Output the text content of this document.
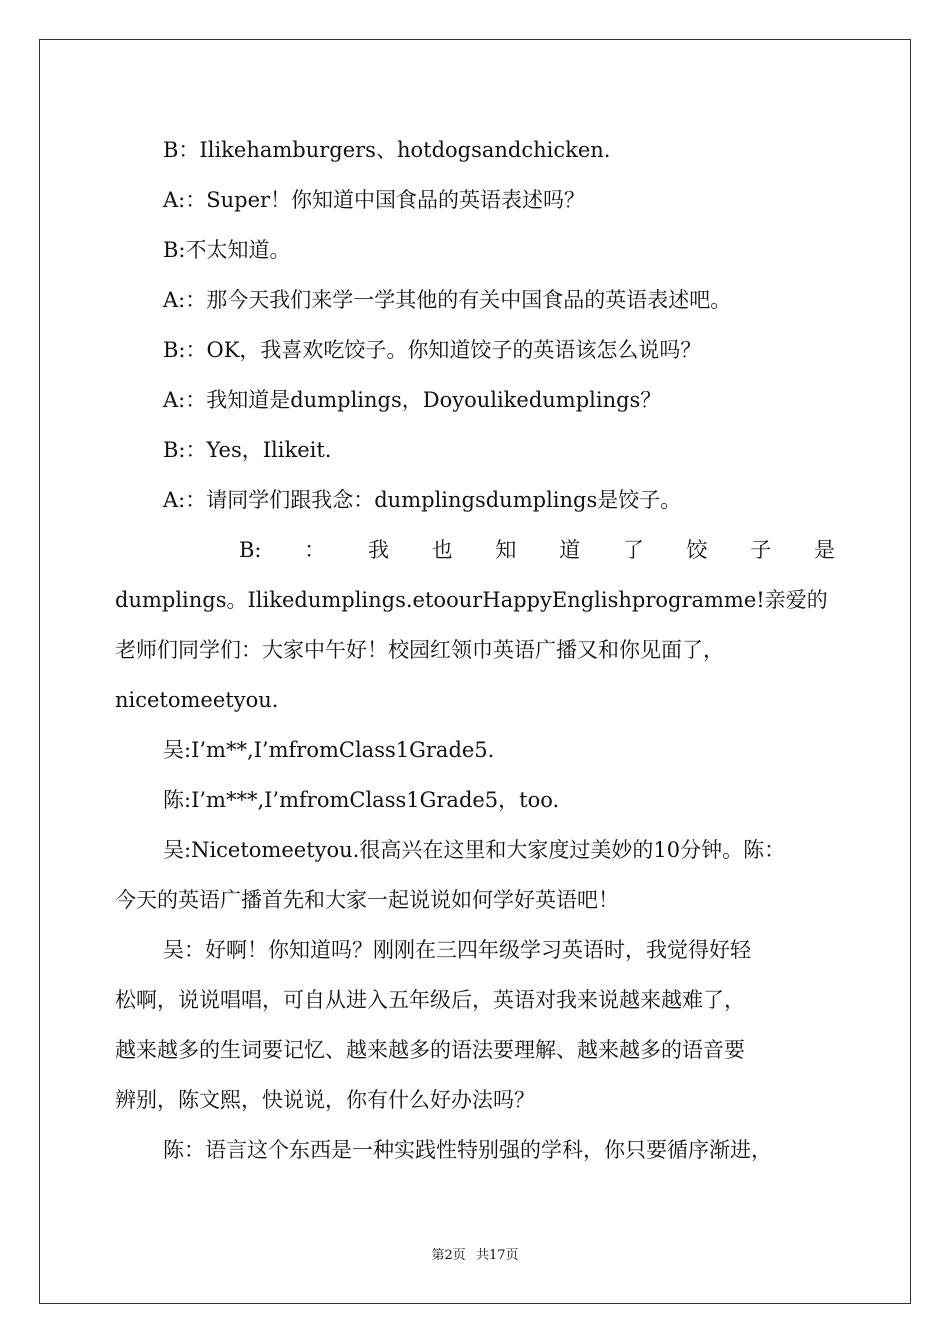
B：Ilikehamburgers、hotdogsandchicken.
A:：Super！你知道中国食品的英语表述吗？
B:不太知道。
A:：那今天我们来学一学其他的有关中国食品的英语表述吧。
B:：OK，我喜欢吃饺子。你知道饺子的英语该怎么说吗？
A:：我知道是dumplings，Doyoulikedumplings？
B:：Yes，Ilikeit.
A:：请同学们跟我念：dumplingsdumplings是饺子。
B: ： 我 也 知 道 了 饺 子 是
dumplings。Ilikedumplings.etoourHappyEnglishprogramme!亲爱的
老师们同学们：大家中午好！校园红领巾英语广播又和你见面了，
nicetomeetyou.
吴:I’m**,I’mfromClass1Grade5.
陈:I’m***,I’mfromClass1Grade5，too.
吴:Nicetomeetyou.很高兴在这里和大家度过美妙的10分钟。陈：
今天的英语广播首先和大家一起说说如何学好英语吧！
吴：好啊！你知道吗？刚刚在三四年级学习英语时，我觉得好轻
松啊，说说唱唱，可自从进入五年级后，英语对我来说越来越难了，
越来越多的生词要记忆、越来越多的语法要理解、越来越多的语音要
辨别，陈文熙，快说说，你有什么好办法吗？
陈：语言这个东西是一种实践性特别强的学科，你只要循序渐进，
第2页 共17页
